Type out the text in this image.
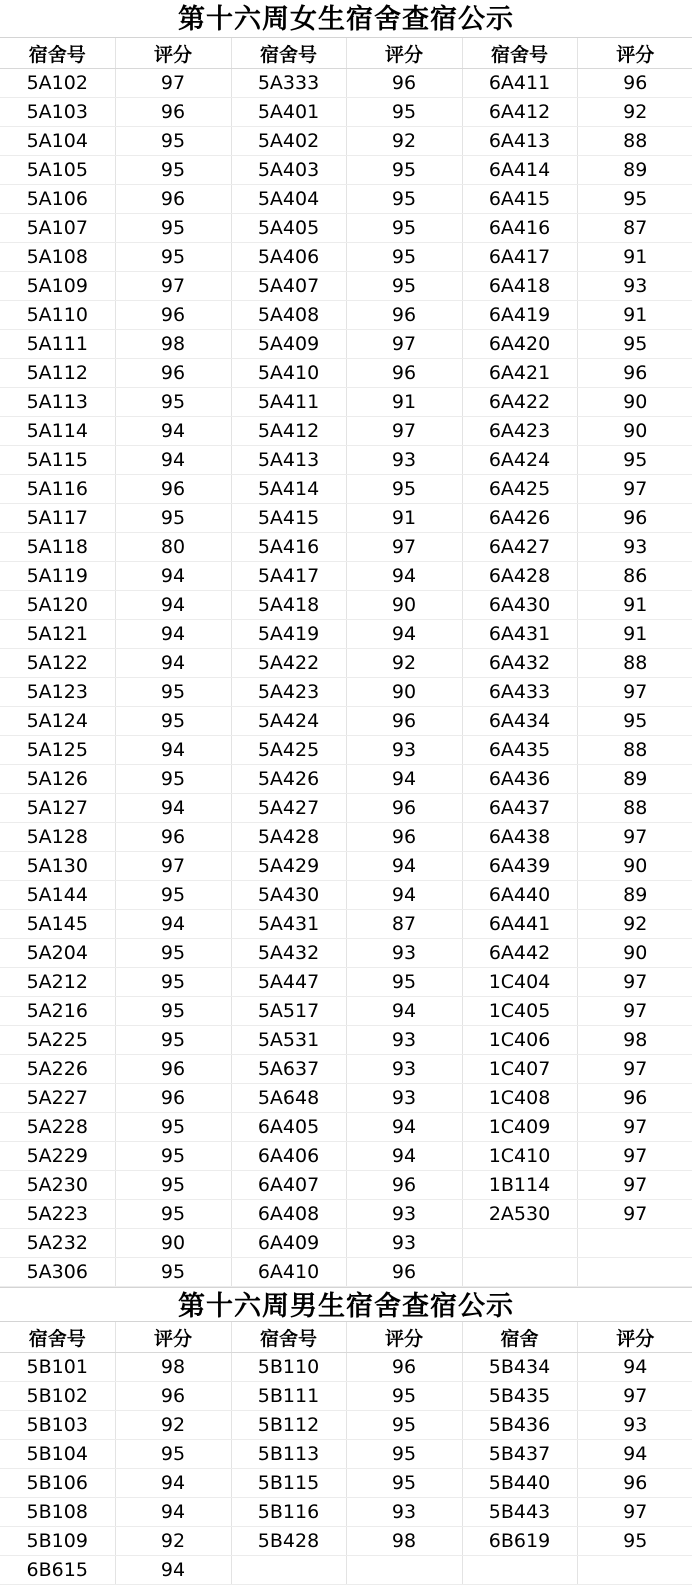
第十六周女生宿舍查宿公示
宿舍号	评分	宿舍号	评分	宿舍号	评分
5A102	97	5A333	96	6A411	96
5A103	96	5A401	95	6A412	92
5A104	95	5A402	92	6A413	88
5A105	95	5A403	95	6A414	89
5A106	96	5A404	95	6A415	95
5A107	95	5A405	95	6A416	87
5A108	95	5A406	95	6A417	91
5A109	97	5A407	95	6A418	93
5A110	96	5A408	96	6A419	91
5A111	98	5A409	97	6A420	95
5A112	96	5A410	96	6A421	96
5A113	95	5A411	91	6A422	90
5A114	94	5A412	97	6A423	90
5A115	94	5A413	93	6A424	95
5A116	96	5A414	95	6A425	97
5A117	95	5A415	91	6A426	96
5A118	80	5A416	97	6A427	93
5A119	94	5A417	94	6A428	86
5A120	94	5A418	90	6A430	91
5A121	94	5A419	94	6A431	91
5A122	94	5A422	92	6A432	88
5A123	95	5A423	90	6A433	97
5A124	95	5A424	96	6A434	95
5A125	94	5A425	93	6A435	88
5A126	95	5A426	94	6A436	89
5A127	94	5A427	96	6A437	88
5A128	96	5A428	96	6A438	97
5A130	97	5A429	94	6A439	90
5A144	95	5A430	94	6A440	89
5A145	94	5A431	87	6A441	92
5A204	95	5A432	93	6A442	90
5A212	95	5A447	95	1C404	97
5A216	95	5A517	94	1C405	97
5A225	95	5A531	93	1C406	98
5A226	96	5A637	93	1C407	97
5A227	96	5A648	93	1C408	96
5A228	95	6A405	94	1C409	97
5A229	95	6A406	94	1C410	97
5A230	95	6A407	96	1B114	97
5A223	95	6A408	93	2A530	97
5A232	90	6A409	93		
5A306	95	6A410	96		
第十六周男生宿舍查宿公示
宿舍号	评分	宿舍号	评分	宿舍	评分
5B101	98	5B110	96	5B434	94
5B102	96	5B111	95	5B435	97
5B103	92	5B112	95	5B436	93
5B104	95	5B113	95	5B437	94
5B106	94	5B115	95	5B440	96
5B108	94	5B116	93	5B443	97
5B109	92	5B428	98	6B619	95
6B615	94				
